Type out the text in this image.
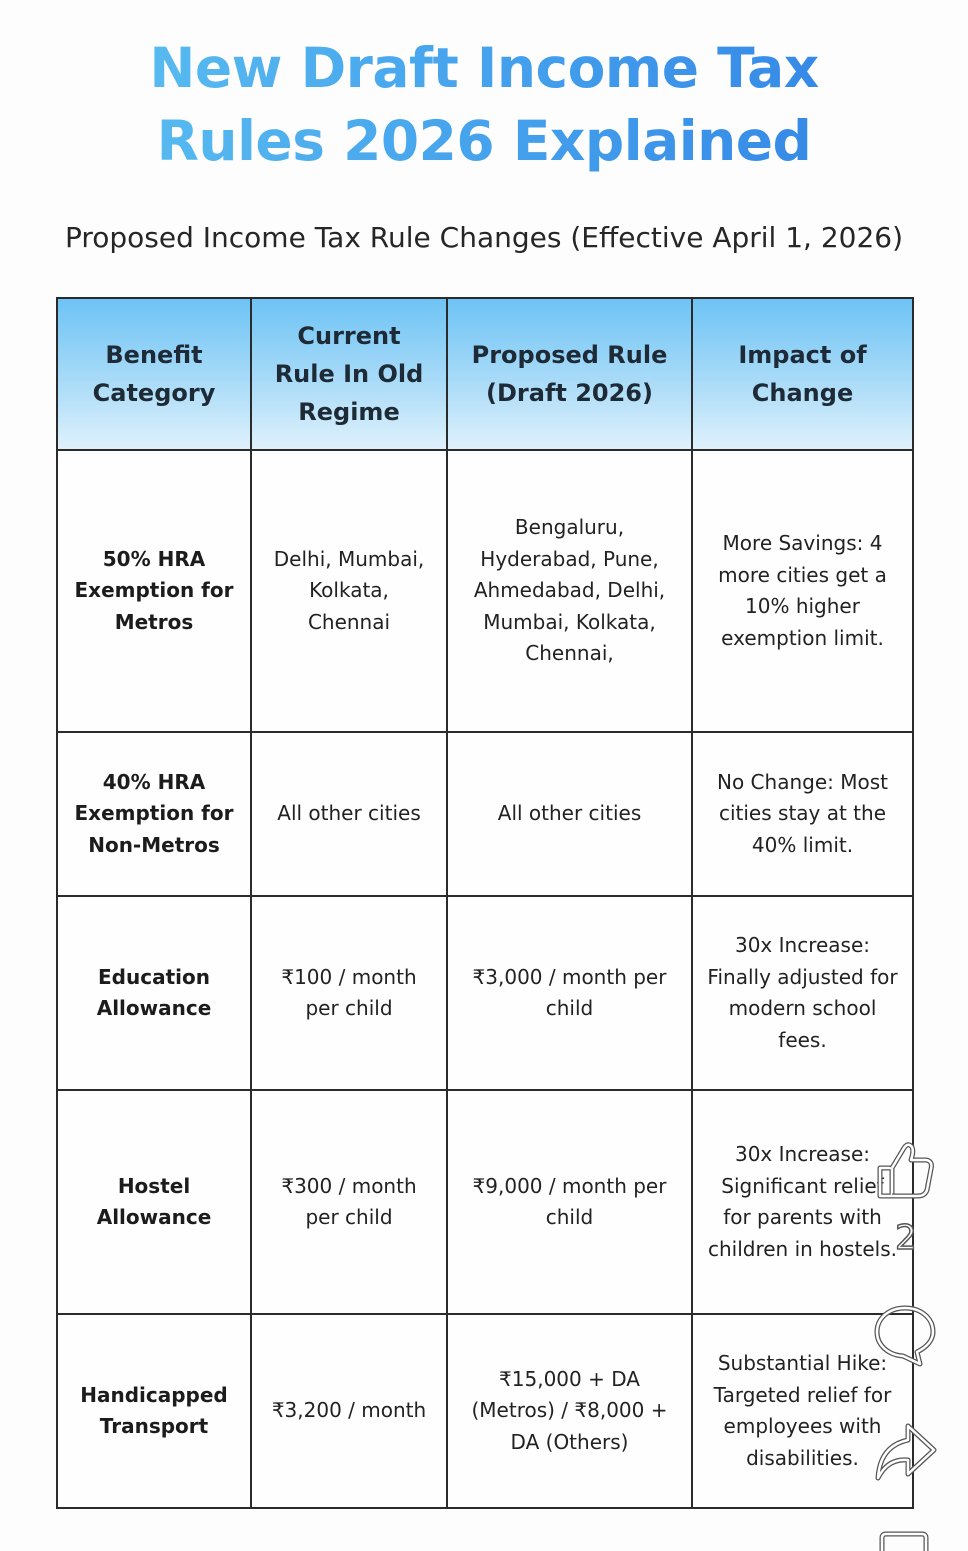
New Draft Income Tax
Rules 2026 Explained
Proposed Income Tax Rule Changes (Effective April 1, 2026)
Benefit Category	Current Rule In Old Regime	Proposed Rule (Draft 2026)	Impact of Change
50% HRA Exemption for Metros	Delhi, Mumbai, Kolkata, Chennai	Bengaluru, Hyderabad, Pune, Ahmedabad, Delhi, Mumbai, Kolkata, Chennai,	More Savings: 4 more cities get a 10% higher exemption limit.
40% HRA Exemption for Non-Metros	All other cities	All other cities	No Change: Most cities stay at the 40% limit.
Education Allowance	₹100 / month per child	₹3,000 / month per child	30x Increase: Finally adjusted for modern school fees.
Hostel Allowance	₹300 / month per child	₹9,000 / month per child	30x Increase: Significant relief for parents with children in hostels.
Handicapped Transport	₹3,200 / month	₹15,000 + DA (Metros) / ₹8,000 + DA (Others)	Substantial Hike: Targeted relief for employees with disabilities.
2
